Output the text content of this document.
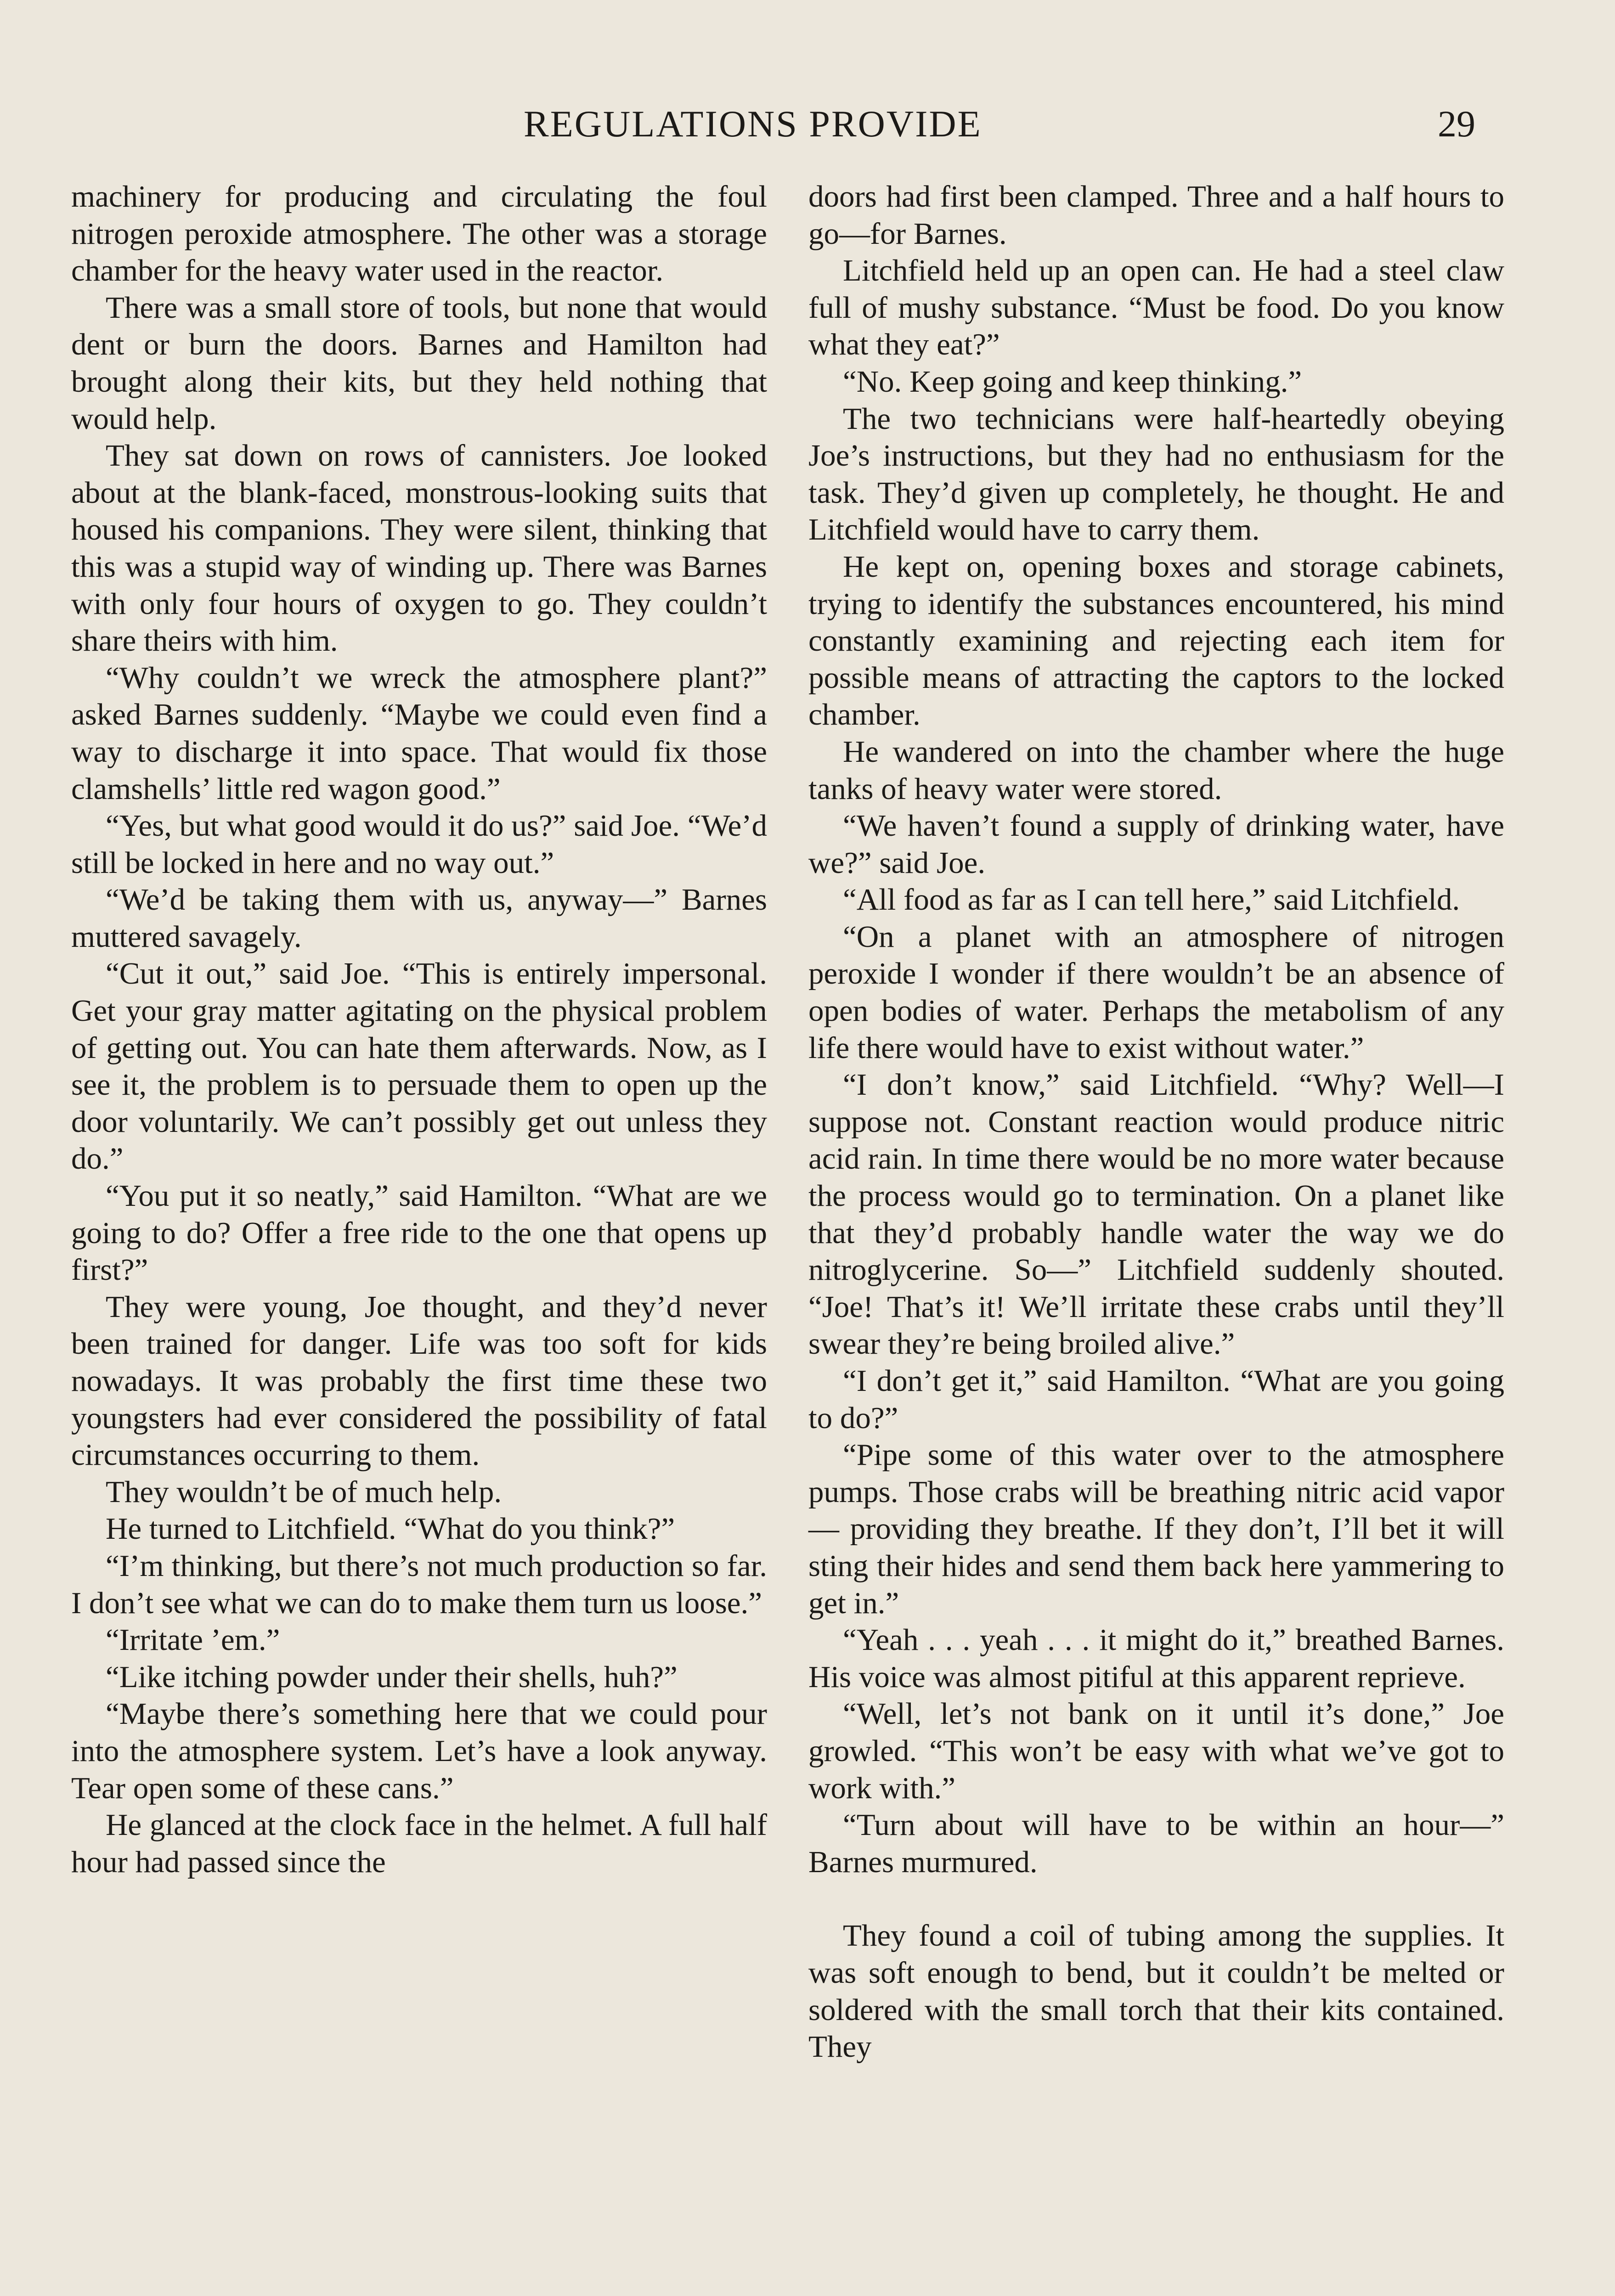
REGULATIONS PROVIDE	29

machinery for producing and circulating the foul nitrogen peroxide atmosphere. The other was a storage chamber for the heavy water used in the reactor.

There was a small store of tools, but none that would dent or burn the doors. Barnes and Hamilton had brought along their kits, but they held nothing that would help.

They sat down on rows of cannisters. Joe looked about at the blank-faced, monstrous-looking suits that housed his companions. They were silent, thinking that this was a stupid way of winding up. There was Barnes with only four hours of oxygen to go. They couldn’t share theirs with him.

“Why couldn’t we wreck the atmosphere plant?” asked Barnes suddenly. “Maybe we could even find a way to discharge it into space. That would fix those clamshells’ little red wagon good.”

“Yes, but what good would it do us?” said Joe. “We’d still be locked in here and no way out.”

“We’d be taking them with us, anyway—” Barnes muttered savagely.

“Cut it out,” said Joe. “This is entirely impersonal. Get your gray matter agitating on the physical problem of getting out. You can hate them afterwards. Now, as I see it, the problem is to persuade them to open up the door voluntarily. We can’t possibly get out unless they do.”

“You put it so neatly,” said Hamilton. “What are we going to do? Offer a free ride to the one that opens up first?”

They were young, Joe thought, and they’d never been trained for danger. Life was too soft for kids nowadays. It was probably the first time these two youngsters had ever considered the possibility of fatal circumstances occurring to them.

They wouldn’t be of much help.

He turned to Litchfield. “What do you think?”

“I’m thinking, but there’s not much production so far. I don’t see what we can do to make them turn us loose.”

“Irritate ’em.”

“Like itching powder under their shells, huh?”

“Maybe there’s something here that we could pour into the atmosphere system. Let’s have a look anyway. Tear open some of these cans.”

He glanced at the clock face in the helmet. A full half hour had passed since the

doors had first been clamped. Three and a half hours to go—for Barnes.

Litchfield held up an open can. He had a steel claw full of mushy substance. “Must be food. Do you know what they eat?”

“No. Keep going and keep thinking.”

The two technicians were half-heartedly obeying Joe’s instructions, but they had no enthusiasm for the task. They’d given up completely, he thought. He and Litchfield would have to carry them.

He kept on, opening boxes and storage cabinets, trying to identify the substances encountered, his mind constantly examining and rejecting each item for possible means of attracting the captors to the locked chamber.

He wandered on into the chamber where the huge tanks of heavy water were stored.

“We haven’t found a supply of drinking water, have we?” said Joe.

“All food as far as I can tell here,” said Litchfield.

“On a planet with an atmosphere of nitrogen peroxide I wonder if there wouldn’t be an absence of open bodies of water. Perhaps the metabolism of any life there would have to exist without water.”

“I don’t know,” said Litchfield. “Why? Well—I suppose not. Constant reaction would produce nitric acid rain. In time there would be no more water because the process would go to termination. On a planet like that they’d probably handle water the way we do nitroglycerine. So—” Litchfield suddenly shouted. “Joe! That’s it! We’ll irritate these crabs until they’ll swear they’re being broiled alive.”

“I don’t get it,” said Hamilton. “What are you going to do?”

“Pipe some of this water over to the atmosphere pumps. Those crabs will be breathing nitric acid vapor — providing they breathe. If they don’t, I’ll bet it will sting their hides and send them back here yammering to get in.”

“Yeah . . . yeah . . . it might do it,” breathed Barnes. His voice was almost pitiful at this apparent reprieve.

“Well, let’s not bank on it until it’s done,” Joe growled. “This won’t be easy with what we’ve got to work with.”

“Turn about will have to be within an hour—” Barnes murmured.

They found a coil of tubing among the supplies. It was soft enough to bend, but it couldn’t be melted or soldered with the small torch that their kits contained. They
